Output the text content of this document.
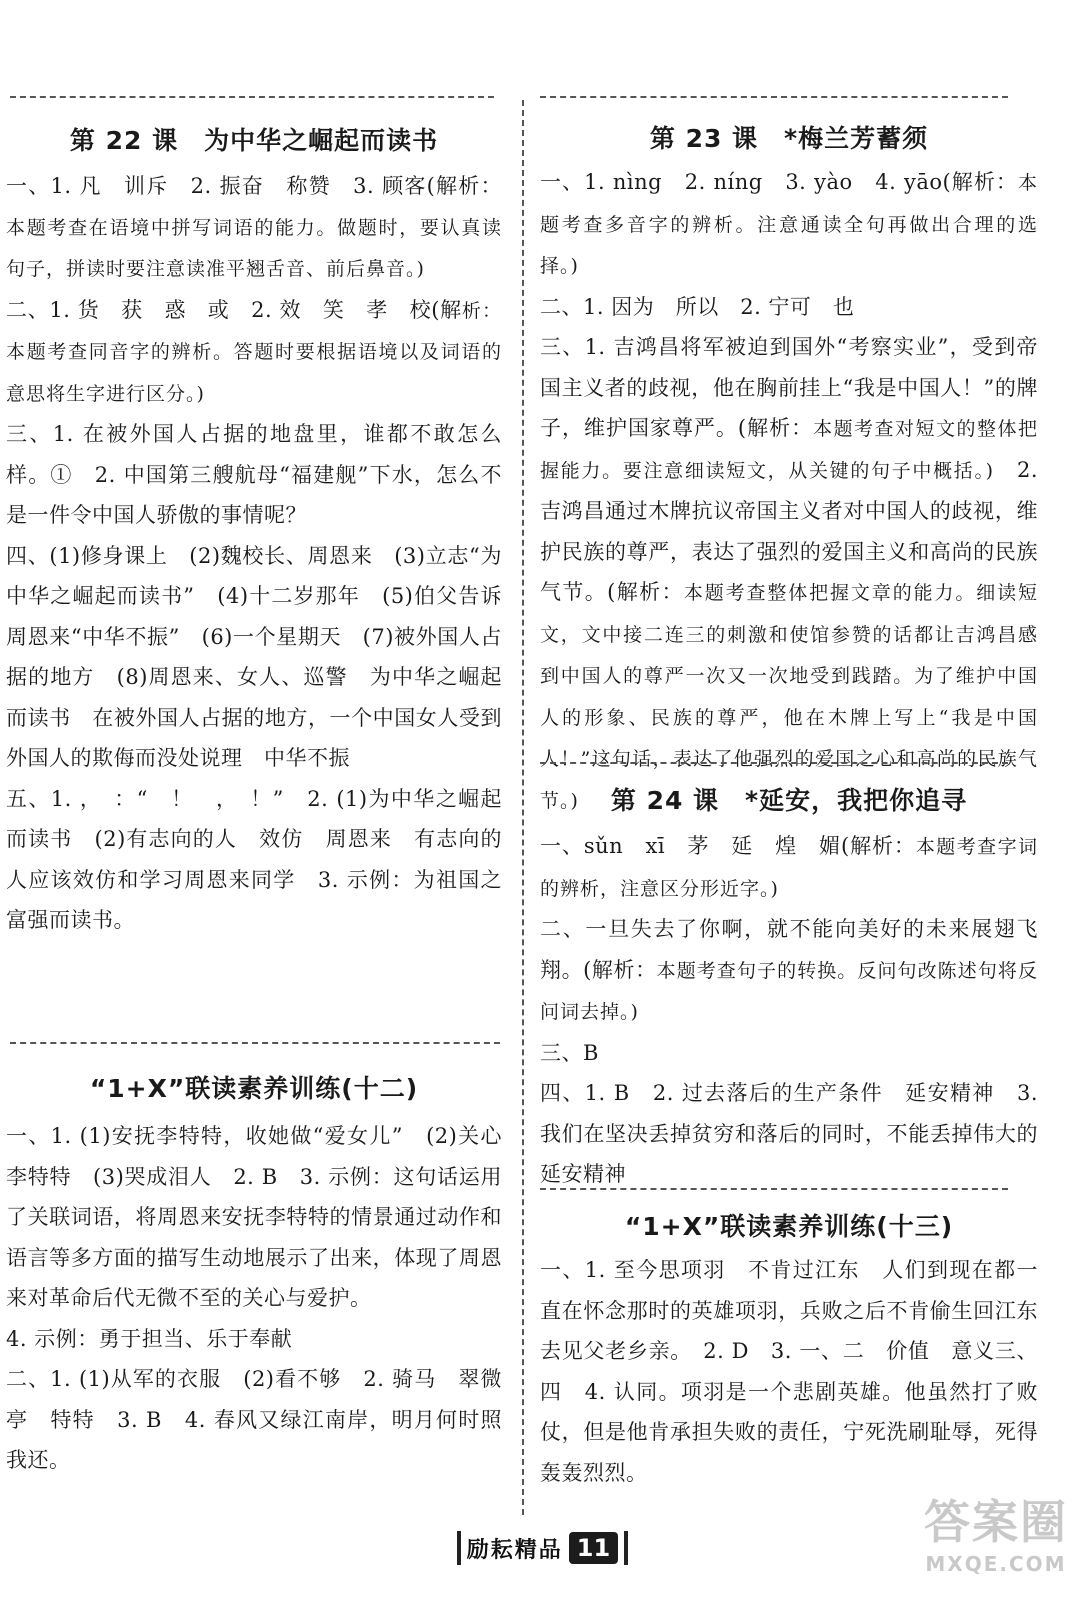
第 22 课　为中华之崛起而读书

一、1. 凡　训斥　2. 振奋　称赞　3. 顾客(解析：本题考查在语境中拼写词语的能力。做题时，要认真读句子，拼读时要注意读准平翘舌音、前后鼻音。)

二、1. 货　获　惑　或　2. 效　笑　孝　校(解析：本题考查同音字的辨析。答题时要根据语境以及词语的意思将生字进行区分。)

三、1. 在被外国人占据的地盘里，谁都不敢怎么样。①　2. 中国第三艘航母“福建舰”下水，怎么不是一件令中国人骄傲的事情呢？

四、(1)修身课上　(2)魏校长、周恩来　(3)立志“为中华之崛起而读书”　(4)十二岁那年　(5)伯父告诉周恩来“中华不振”　(6)一个星期天　(7)被外国人占据的地方　(8)周恩来、女人、巡警　为中华之崛起而读书　在被外国人占据的地方，一个中国女人受到外国人的欺侮而没处说理　中华不振

五、1. ，　：“　！　，　！”　2. (1)为中华之崛起而读书　(2)有志向的人　效仿　周恩来　有志向的人应该效仿和学习周恩来同学　3. 示例：为祖国之富强而读书。

“1+X”联读素养训练(十二)

一、1. (1)安抚李特特，收她做“爱女儿”　(2)关心李特特　(3)哭成泪人　2. B　3. 示例：这句话运用了关联词语，将周恩来安抚李特特的情景通过动作和语言等多方面的描写生动地展示了出来，体现了周恩来对革命后代无微不至的关心与爱护。

4. 示例：勇于担当、乐于奉献

二、1. (1)从军的衣服　(2)看不够　2. 骑马　翠微亭　特特　3. B　4. 春风又绿江南岸，明月何时照我还。

第 23 课　*梅兰芳蓄须

一、1. nìng　2. níng　3. yào　4. yāo(解析：本题考查多音字的辨析。注意通读全句再做出合理的选择。)

二、1. 因为　所以　2. 宁可　也

三、1. 吉鸿昌将军被迫到国外“考察实业”，受到帝国主义者的歧视，他在胸前挂上“我是中国人！”的牌子，维护国家尊严。(解析：本题考查对短文的整体把握能力。要注意细读短文，从关键的句子中概括。)　2. 吉鸿昌通过木牌抗议帝国主义者对中国人的歧视，维护民族的尊严，表达了强烈的爱国主义和高尚的民族气节。(解析：本题考查整体把握文章的能力。细读短文，文中接二连三的刺激和使馆参赞的话都让吉鸿昌感到中国人的尊严一次又一次地受到践踏。为了维护中国人的形象、民族的尊严，他在木牌上写上“我是中国人！”这句话，表达了他强烈的爱国之心和高尚的民族气节。)	第 24 课　*延安，我把你追寻

一、sǔn　xī　茅　延　煌　媚(解析：本题考查字词的辨析，注意区分形近字。)

二、一旦失去了你啊，就不能向美好的未来展翅飞翔。(解析：本题考查句子的转换。反问句改陈述句将反问词去掉。)

三、B

四、1. B　2. 过去落后的生产条件　延安精神　3. 我们在坚决丢掉贫穷和落后的同时，不能丢掉伟大的延安精神

“1+X”联读素养训练(十三)

一、1. 至今思项羽　不肯过江东　人们到现在都一直在怀念那时的英雄项羽，兵败之后不肯偷生回江东去见父老乡亲。　2. D　3. 一、二　价值　意义三、四　4. 认同。项羽是一个悲剧英雄。他虽然打了败仗，但是他肯承担失败的责任，宁死洗刷耻辱，死得轰轰烈烈。

励耘精品 11	答案圈
MXQE.COM
